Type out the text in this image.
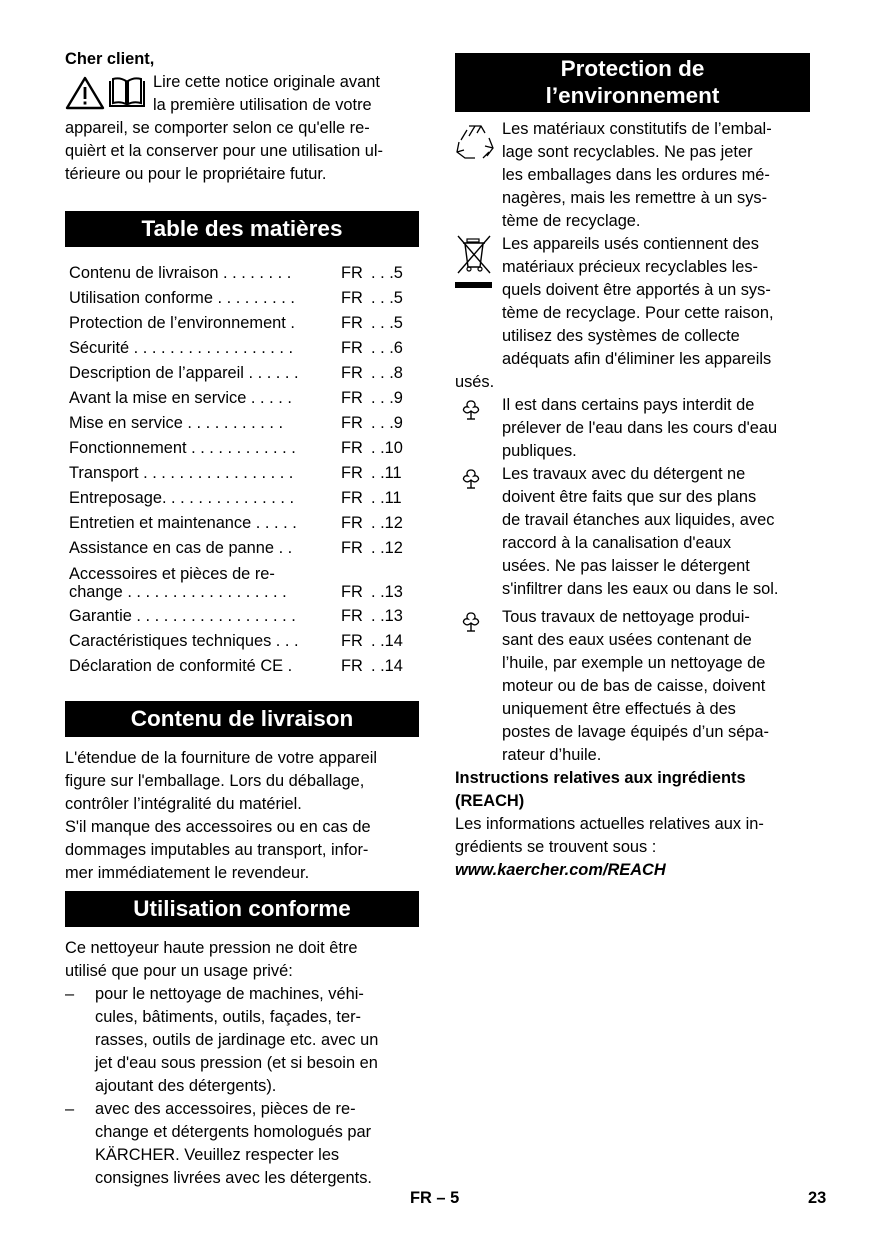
Cher client,

Lire cette notice originale avant

la première utilisation de votre

appareil, se comporter selon ce qu'elle re-

quièrt et la conserver pour une utilisation ul-

térieure ou pour le propriétaire futur.

Table des matières
Contenu de livraison . . . . . . . .	FR . . .5
Utilisation conforme . . . . . . . . .	FR . . .5
Protection de l’environnement .	FR . . .5
Sécurité . . . . . . . . . . . . . . . . . .	FR . . .6
Description de l’appareil . . . . . .	FR . . .8
Avant la mise en service . . . . .	FR . . .9
Mise en service . . . . . . . . . . .	FR . . .9
Fonctionnement . . . . . . . . . . . .	FR . .10
Transport . . . . . . . . . . . . . . . . .	FR . .11
Entreposage. . . . . . . . . . . . . . .	FR . .11
Entretien et maintenance . . . . .	FR . .12
Assistance en cas de panne . .	FR . .12
Accessoires et pièces de re-
change . . . . . . . . . . . . . . . . . .	FR . .13
Garantie . . . . . . . . . . . . . . . . . .	FR . .13
Caractéristiques techniques . . .	FR . .14
Déclaration de conformité CE .	FR . .14
Contenu de livraison

L'étendue de la fourniture de votre appareil

figure sur l'emballage. Lors du déballage,

contrôler l’intégralité du matériel.

S'il manque des accessoires ou en cas de

dommages imputables au transport, infor-

mer immédiatement le revendeur.

Utilisation conforme

Ce nettoyeur haute pression ne doit être

utilisé que pour un usage privé:

–	pour le nettoyage de machines, véhi-

cules, bâtiments, outils, façades, ter-

rasses, outils de jardinage etc. avec un

jet d'eau sous pression (et si besoin en

ajoutant des détergents).

–	avec des accessoires, pièces de re-

change et détergents homologués par

KÄRCHER. Veuillez respecter les

consignes livrées avec les détergents.

Protection de
l’environnement

Les matériaux constitutifs de l’embal-

lage sont recyclables. Ne pas jeter

les emballages dans les ordures mé-

nagères, mais les remettre à un sys-

tème de recyclage.

Les appareils usés contiennent des

matériaux précieux recyclables les-

quels doivent être apportés à un sys-

tème de recyclage. Pour cette raison,

utilisez des systèmes de collecte

adéquats afin d'éliminer les appareils

usés.

Il est dans certains pays interdit de

prélever de l'eau dans les cours d'eau

publiques.

Les travaux avec du détergent ne

doivent être faits que sur des plans

de travail étanches aux liquides, avec

raccord à la canalisation d'eaux

usées. Ne pas laisser le détergent

s'infiltrer dans les eaux ou dans le sol.

Tous travaux de nettoyage produi-

sant des eaux usées contenant de

l’huile, par exemple un nettoyage de

moteur ou de bas de caisse, doivent

uniquement être effectués à des

postes de lavage équipés d’un sépa-

rateur d’huile.

Instructions relatives aux ingrédients

(REACH)

Les informations actuelles relatives aux in-

grédients se trouvent sous :

www.kaercher.com/REACH

FR – 5	23
